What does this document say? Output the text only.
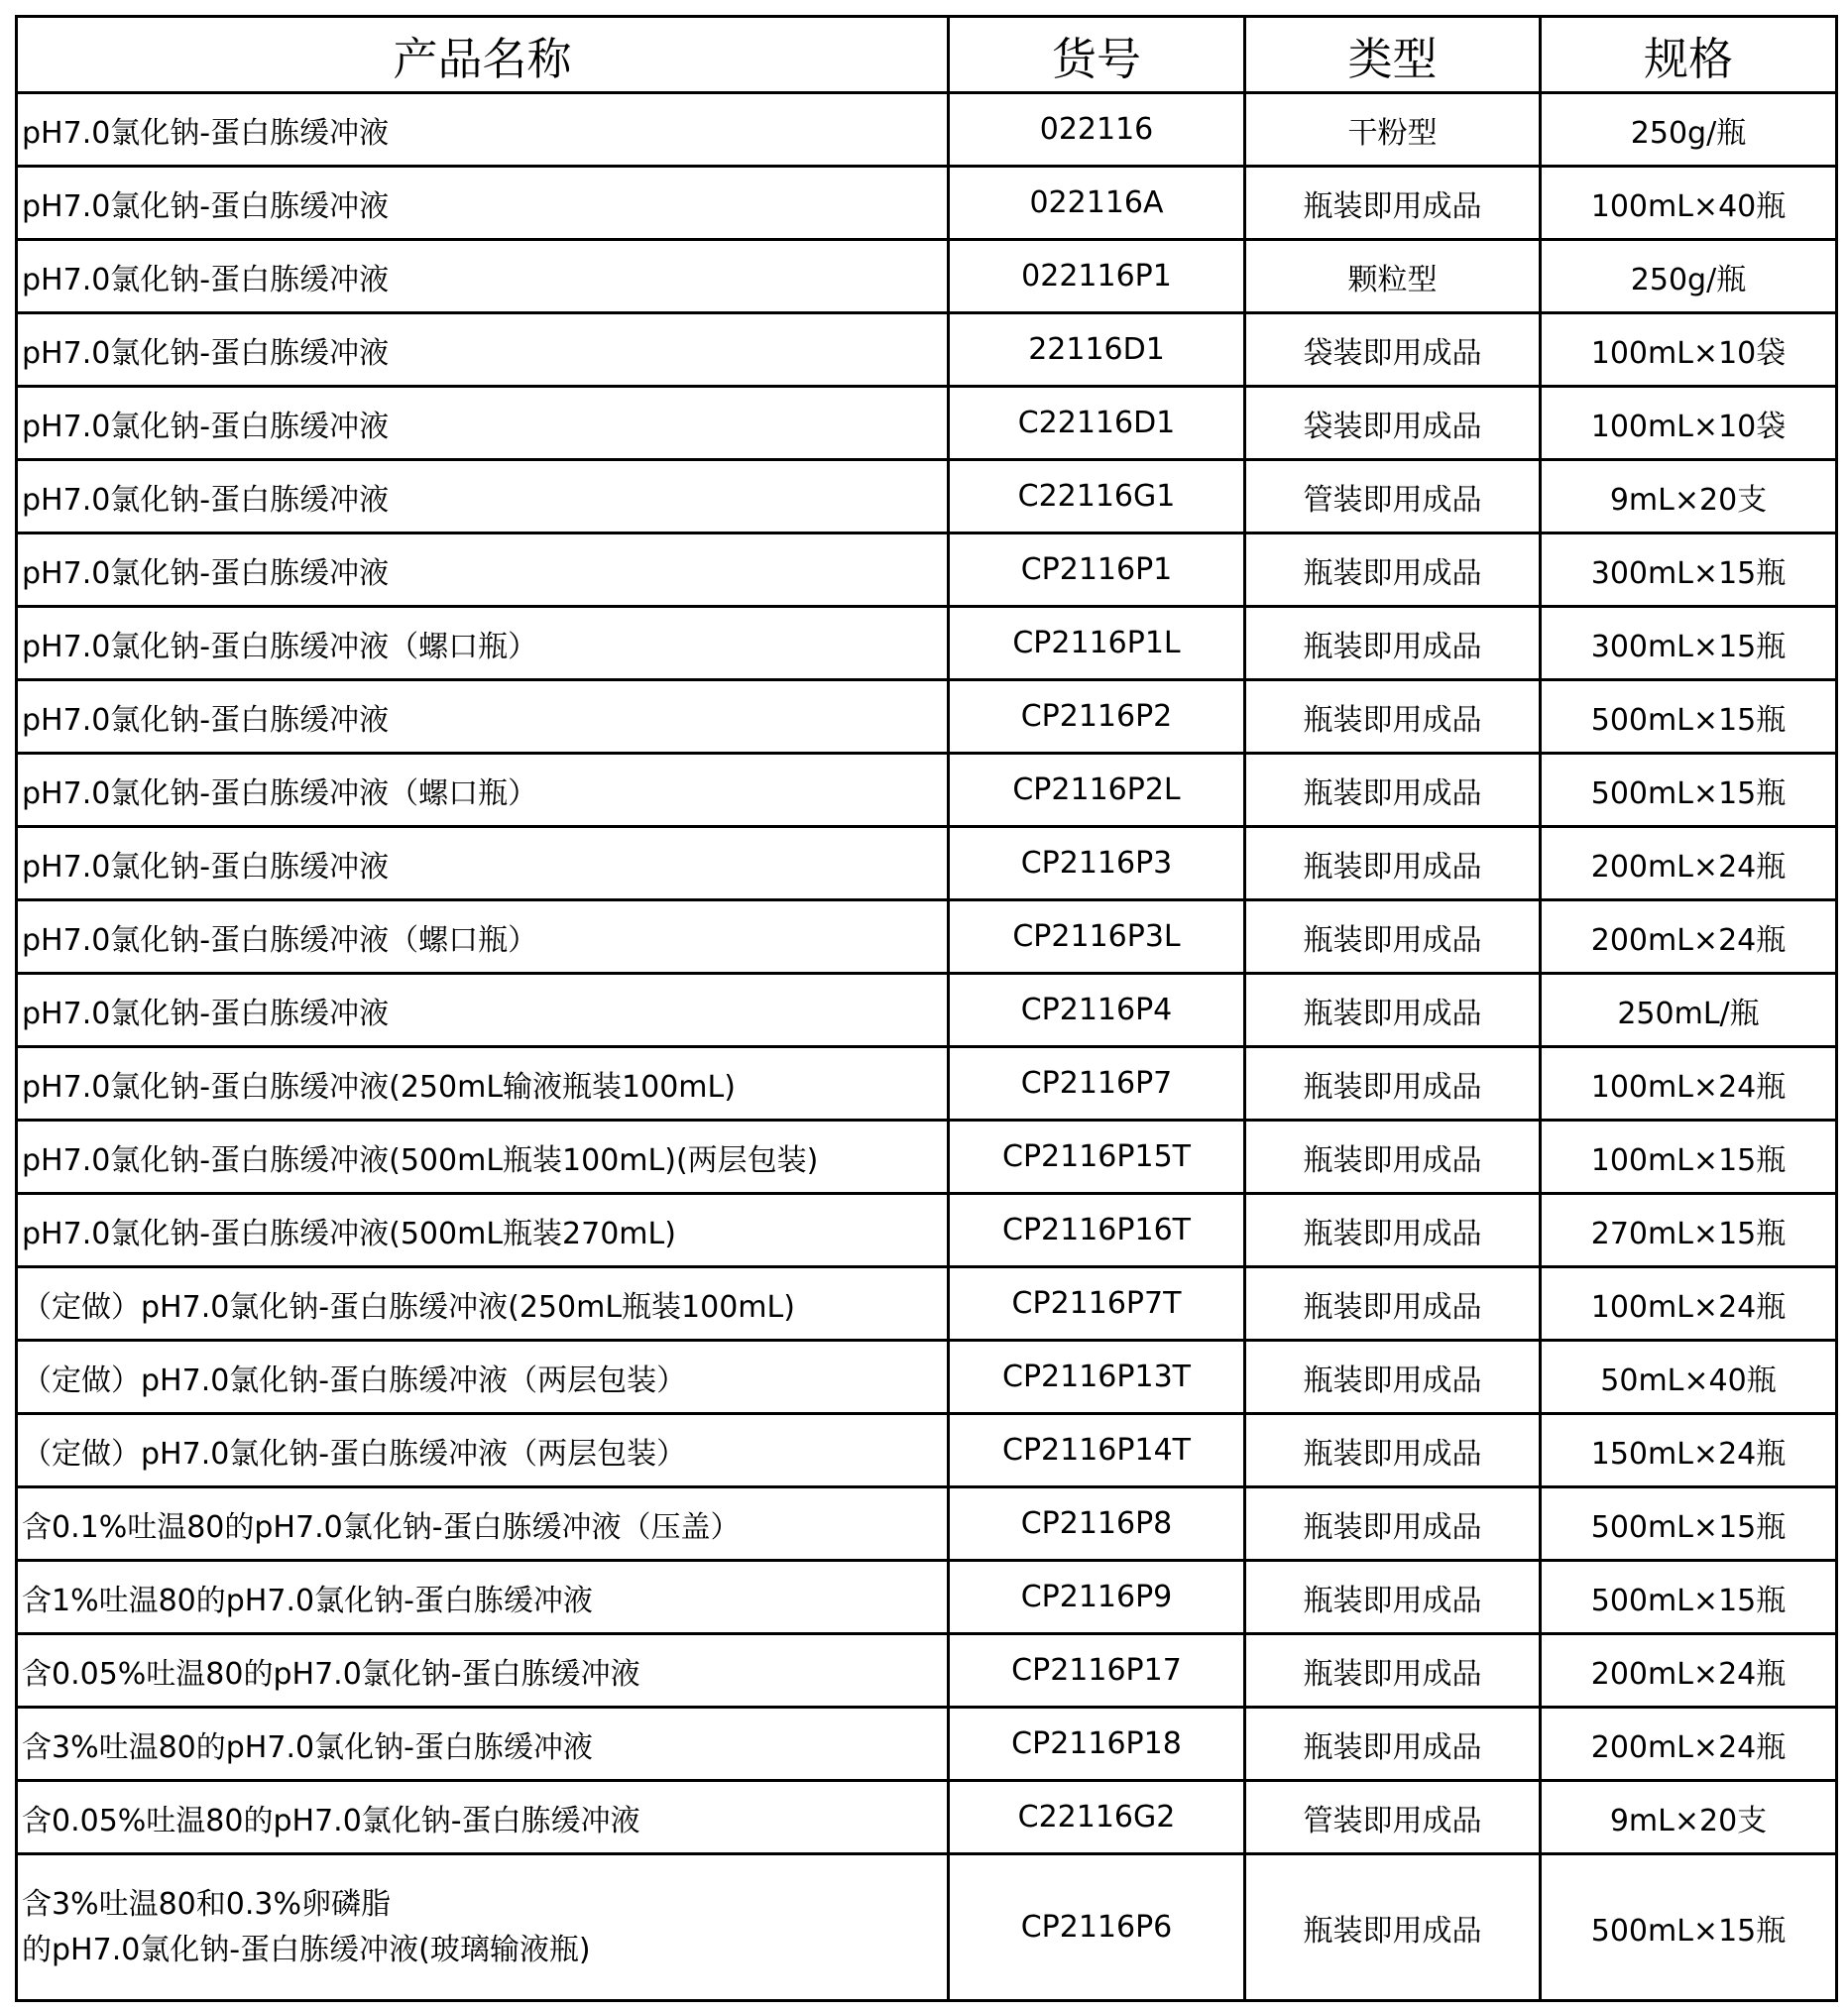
产品名称	货号	类型	规格
pH7.0氯化钠-蛋白胨缓冲液	022116	干粉型	250g/瓶
pH7.0氯化钠-蛋白胨缓冲液	022116A	瓶装即用成品	100mL×40瓶
pH7.0氯化钠-蛋白胨缓冲液	022116P1	颗粒型	250g/瓶
pH7.0氯化钠-蛋白胨缓冲液	22116D1	袋装即用成品	100mL×10袋
pH7.0氯化钠-蛋白胨缓冲液	C22116D1	袋装即用成品	100mL×10袋
pH7.0氯化钠-蛋白胨缓冲液	C22116G1	管装即用成品	9mL×20支
pH7.0氯化钠-蛋白胨缓冲液	CP2116P1	瓶装即用成品	300mL×15瓶
pH7.0氯化钠-蛋白胨缓冲液（螺口瓶）	CP2116P1L	瓶装即用成品	300mL×15瓶
pH7.0氯化钠-蛋白胨缓冲液	CP2116P2	瓶装即用成品	500mL×15瓶
pH7.0氯化钠-蛋白胨缓冲液（螺口瓶）	CP2116P2L	瓶装即用成品	500mL×15瓶
pH7.0氯化钠-蛋白胨缓冲液	CP2116P3	瓶装即用成品	200mL×24瓶
pH7.0氯化钠-蛋白胨缓冲液（螺口瓶）	CP2116P3L	瓶装即用成品	200mL×24瓶
pH7.0氯化钠-蛋白胨缓冲液	CP2116P4	瓶装即用成品	250mL/瓶
pH7.0氯化钠-蛋白胨缓冲液(250mL输液瓶装100mL)	CP2116P7	瓶装即用成品	100mL×24瓶
pH7.0氯化钠-蛋白胨缓冲液(500mL瓶装100mL)(两层包装)	CP2116P15T	瓶装即用成品	100mL×15瓶
pH7.0氯化钠-蛋白胨缓冲液(500mL瓶装270mL)	CP2116P16T	瓶装即用成品	270mL×15瓶
（定做）pH7.0氯化钠-蛋白胨缓冲液(250mL瓶装100mL)	CP2116P7T	瓶装即用成品	100mL×24瓶
（定做）pH7.0氯化钠-蛋白胨缓冲液（两层包装）	CP2116P13T	瓶装即用成品	50mL×40瓶
（定做）pH7.0氯化钠-蛋白胨缓冲液（两层包装）	CP2116P14T	瓶装即用成品	150mL×24瓶
含0.1%吐温80的pH7.0氯化钠-蛋白胨缓冲液（压盖）	CP2116P8	瓶装即用成品	500mL×15瓶
含1%吐温80的pH7.0氯化钠-蛋白胨缓冲液	CP2116P9	瓶装即用成品	500mL×15瓶
含0.05%吐温80的pH7.0氯化钠-蛋白胨缓冲液	CP2116P17	瓶装即用成品	200mL×24瓶
含3%吐温80的pH7.0氯化钠-蛋白胨缓冲液	CP2116P18	瓶装即用成品	200mL×24瓶
含0.05%吐温80的pH7.0氯化钠-蛋白胨缓冲液	C22116G2	管装即用成品	9mL×20支

含3%吐温80和0.3%卵磷脂
的pH7.0氯化钠-蛋白胨缓冲液(玻璃输液瓶)	CP2116P6	瓶装即用成品	500mL×15瓶
